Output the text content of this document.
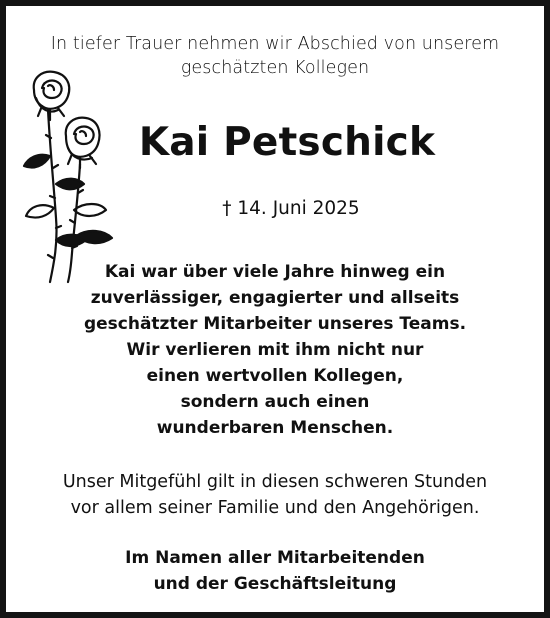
In tiefer Trauer nehmen wir Abschied von unserem
geschätzten Kollegen
Kai Petschick
† 14. Juni 2025
Kai war über viele Jahre hinweg ein
zuverlässiger, engagierter und allseits
geschätzter Mitarbeiter unseres Teams.
Wir verlieren mit ihm nicht nur
einen wertvollen Kollegen,
sondern auch einen
wunderbaren Menschen.
Unser Mitgefühl gilt in diesen schweren Stunden
vor allem seiner Familie und den Angehörigen.
Im Namen aller Mitarbeitenden
und der Geschäftsleitung
